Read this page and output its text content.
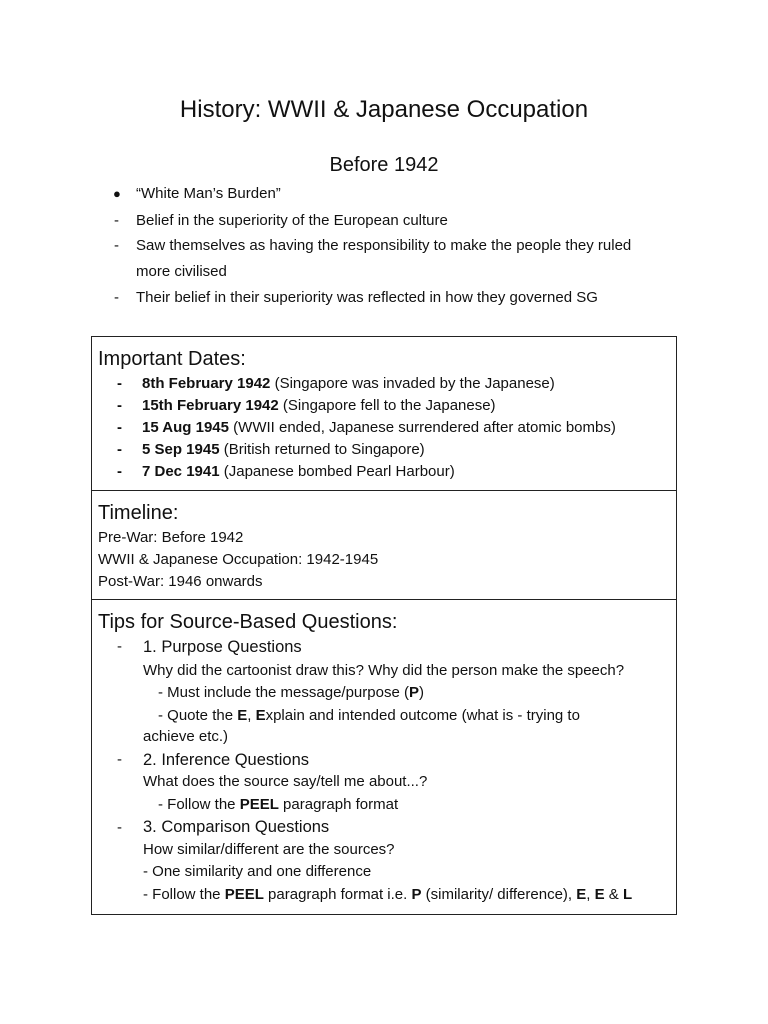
History: WWII & Japanese Occupation
Before 1942
● “White Man’s Burden”
- Belief in the superiority of the European culture
- Saw themselves as having the responsibility to make the people they ruled
more civilised
- Their belief in their superiority was reflected in how they governed SG
Important Dates:
- 8th February 1942 (Singapore was invaded by the Japanese)
- 15th February 1942 (Singapore fell to the Japanese)
- 15 Aug 1945 (WWII ended, Japanese surrendered after atomic bombs)
- 5 Sep 1945 (British returned to Singapore)
- 7 Dec 1941 (Japanese bombed Pearl Harbour)
Timeline:
Pre-War: Before 1942
WWII & Japanese Occupation: 1942-1945
Post-War: 1946 onwards
Tips for Source-Based Questions:
- 1. Purpose Questions
Why did the cartoonist draw this? Why did the person make the speech?
- Must include the message/purpose (P)
- Quote the E, Explain and intended outcome (what is - trying to
achieve etc.)
- 2. Inference Questions
What does the source say/tell me about...?
- Follow the PEEL paragraph format
- 3. Comparison Questions
How similar/different are the sources?
- One similarity and one difference
- Follow the PEEL paragraph format i.e. P (similarity/ difference), E, E & L
